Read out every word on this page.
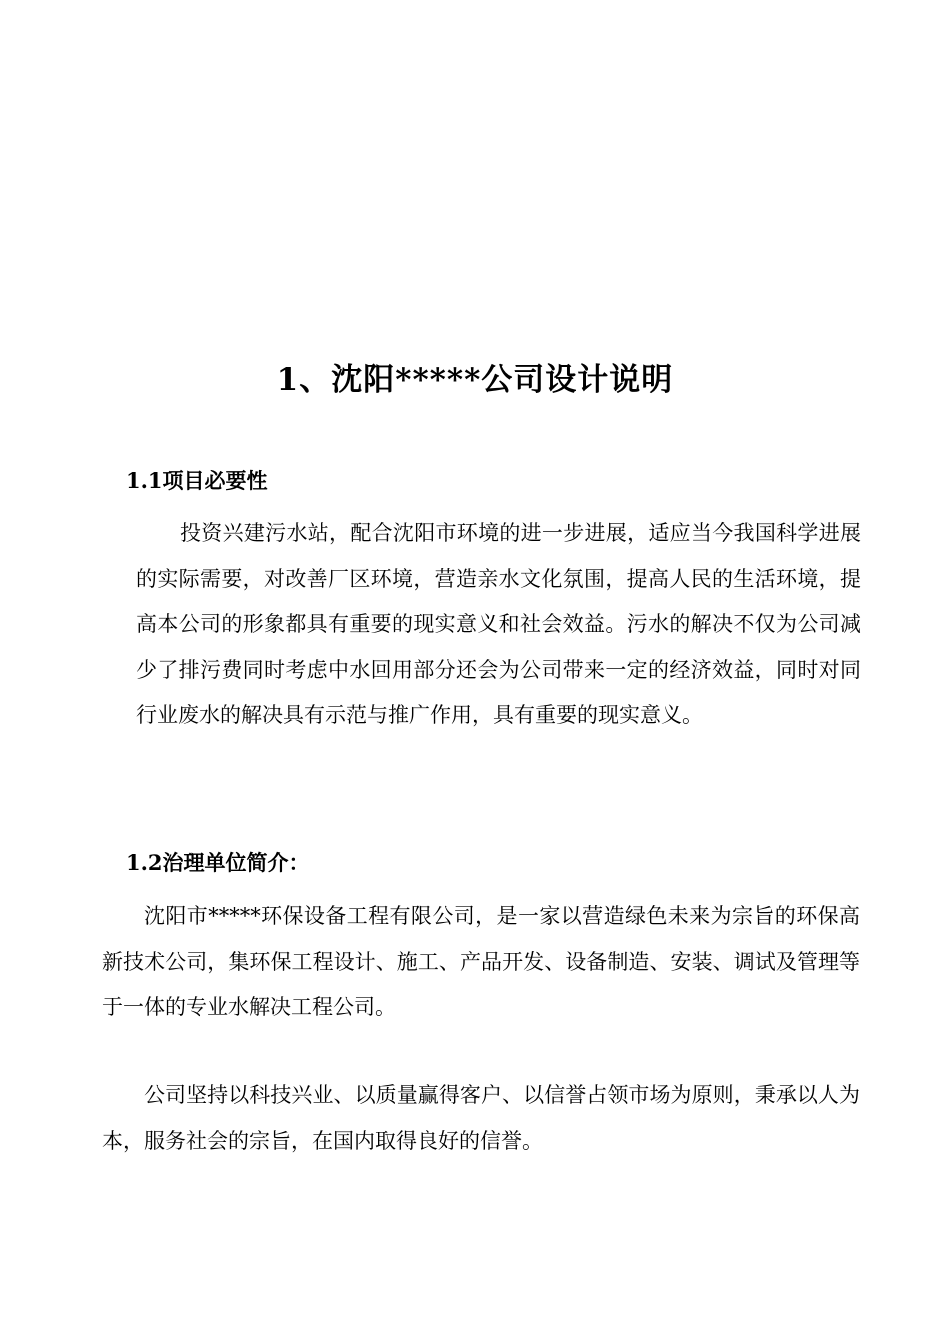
1、沈阳*****公司设计说明
1.1项目必要性

投资兴建污水站，配合沈阳市环境的进一步进展，适应当今我国科学进展的实际需要，对改善厂区环境，营造亲水文化氛围，提高人民的生活环境，提高本公司的形象都具有重要的现实意义和社会效益。污水的解决不仅为公司减少了排污费同时考虑中水回用部分还会为公司带来一定的经济效益，同时对同行业废水的解决具有示范与推广作用，具有重要的现实意义。

1.2治理单位简介：

沈阳市*****环保设备工程有限公司，是一家以营造绿色未来为宗旨的环保高新技术公司，集环保工程设计、施工、产品开发、设备制造、安装、调试及管理等于一体的专业水解决工程公司。

公司坚持以科技兴业、以质量赢得客户、以信誉占领市场为原则，秉承以人为本，服务社会的宗旨，在国内取得良好的信誉。
